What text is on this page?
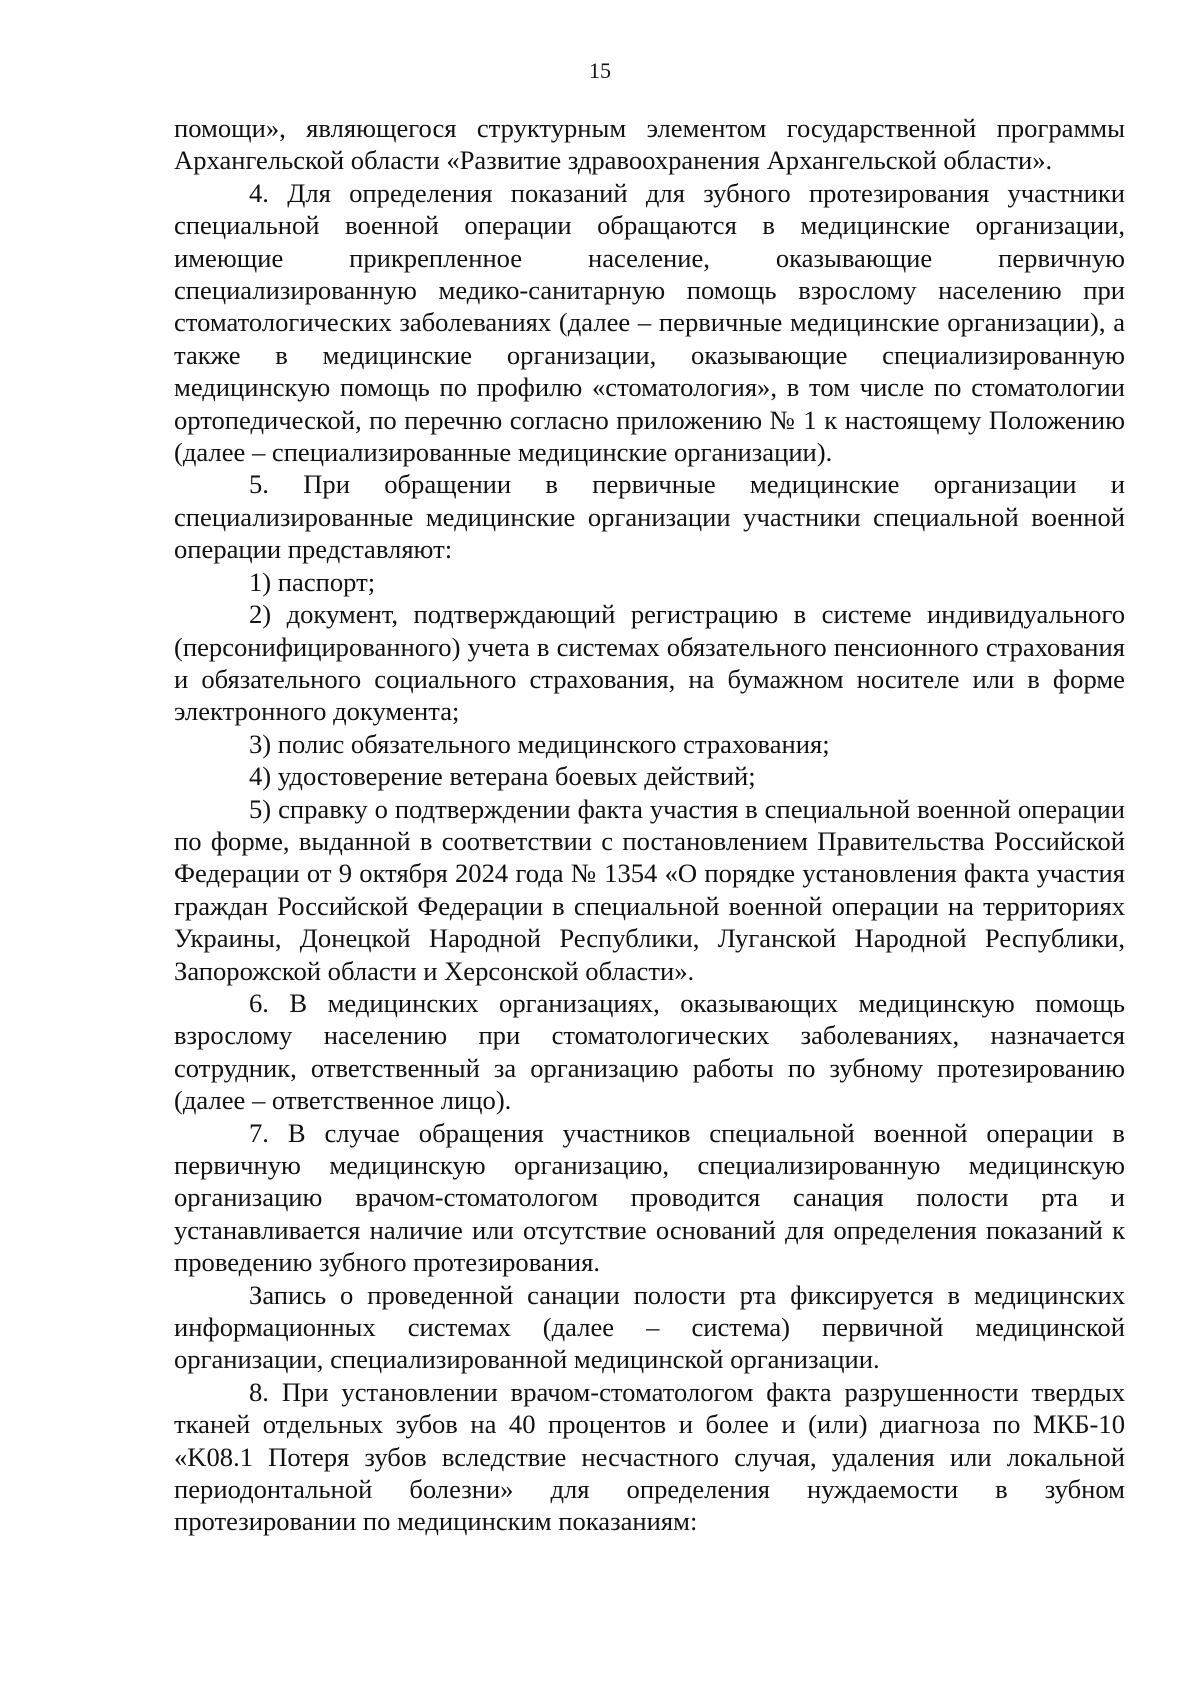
15

помощи», являющегося структурным элементом государственной программы Архангельской области «Развитие здравоохранения Архангельской области».

4. Для определения показаний для зубного протезирования участники специальной военной операции обращаются в медицинские организации, имеющие прикрепленное население, оказывающие первичную специализированную медико-санитарную помощь взрослому населению при стоматологических заболеваниях (далее – первичные медицинские организации), а также в медицинские организации, оказывающие специализированную медицинскую помощь по профилю «стоматология», в том числе по стоматологии ортопедической, по перечню согласно приложению № 1 к настоящему Положению (далее – специализированные медицинские организации).

5. При обращении в первичные медицинские организации и специализированные медицинские организации участники специальной военной операции представляют:

1) паспорт;

2) документ, подтверждающий регистрацию в системе индивидуального (персонифицированного) учета в системах обязательного пенсионного страхования и обязательного социального страхования, на бумажном носителе или в форме электронного документа;

3) полис обязательного медицинского страхования;

4) удостоверение ветерана боевых действий;

5) справку о подтверждении факта участия в специальной военной операции по форме, выданной в соответствии с постановлением Правительства Российской Федерации от 9 октября 2024 года № 1354 «О порядке установления факта участия граждан Российской Федерации в специальной военной операции на территориях Украины, Донецкой Народной Республики, Луганской Народной Республики, Запорожской области и Херсонской области».

6. В медицинских организациях, оказывающих медицинскую помощь взрослому населению при стоматологических заболеваниях, назначается сотрудник, ответственный за организацию работы по зубному протезированию (далее – ответственное лицо).

7. В случае обращения участников специальной военной операции в первичную медицинскую организацию, специализированную медицинскую организацию врачом-стоматологом проводится санация полости рта и устанавливается наличие или отсутствие оснований для определения показаний к проведению зубного протезирования.

Запись о проведенной санации полости рта фиксируется в медицинских информационных системах (далее – система) первичной медицинской организации, специализированной медицинской организации.

8. При установлении врачом-стоматологом факта разрушенности твердых тканей отдельных зубов на 40 процентов и более и (или) диагноза по МКБ-10 «K08.1 Потеря зубов вследствие несчастного случая, удаления или локальной периодонтальной болезни» для определения нуждаемости в зубном протезировании по медицинским показаниям:
